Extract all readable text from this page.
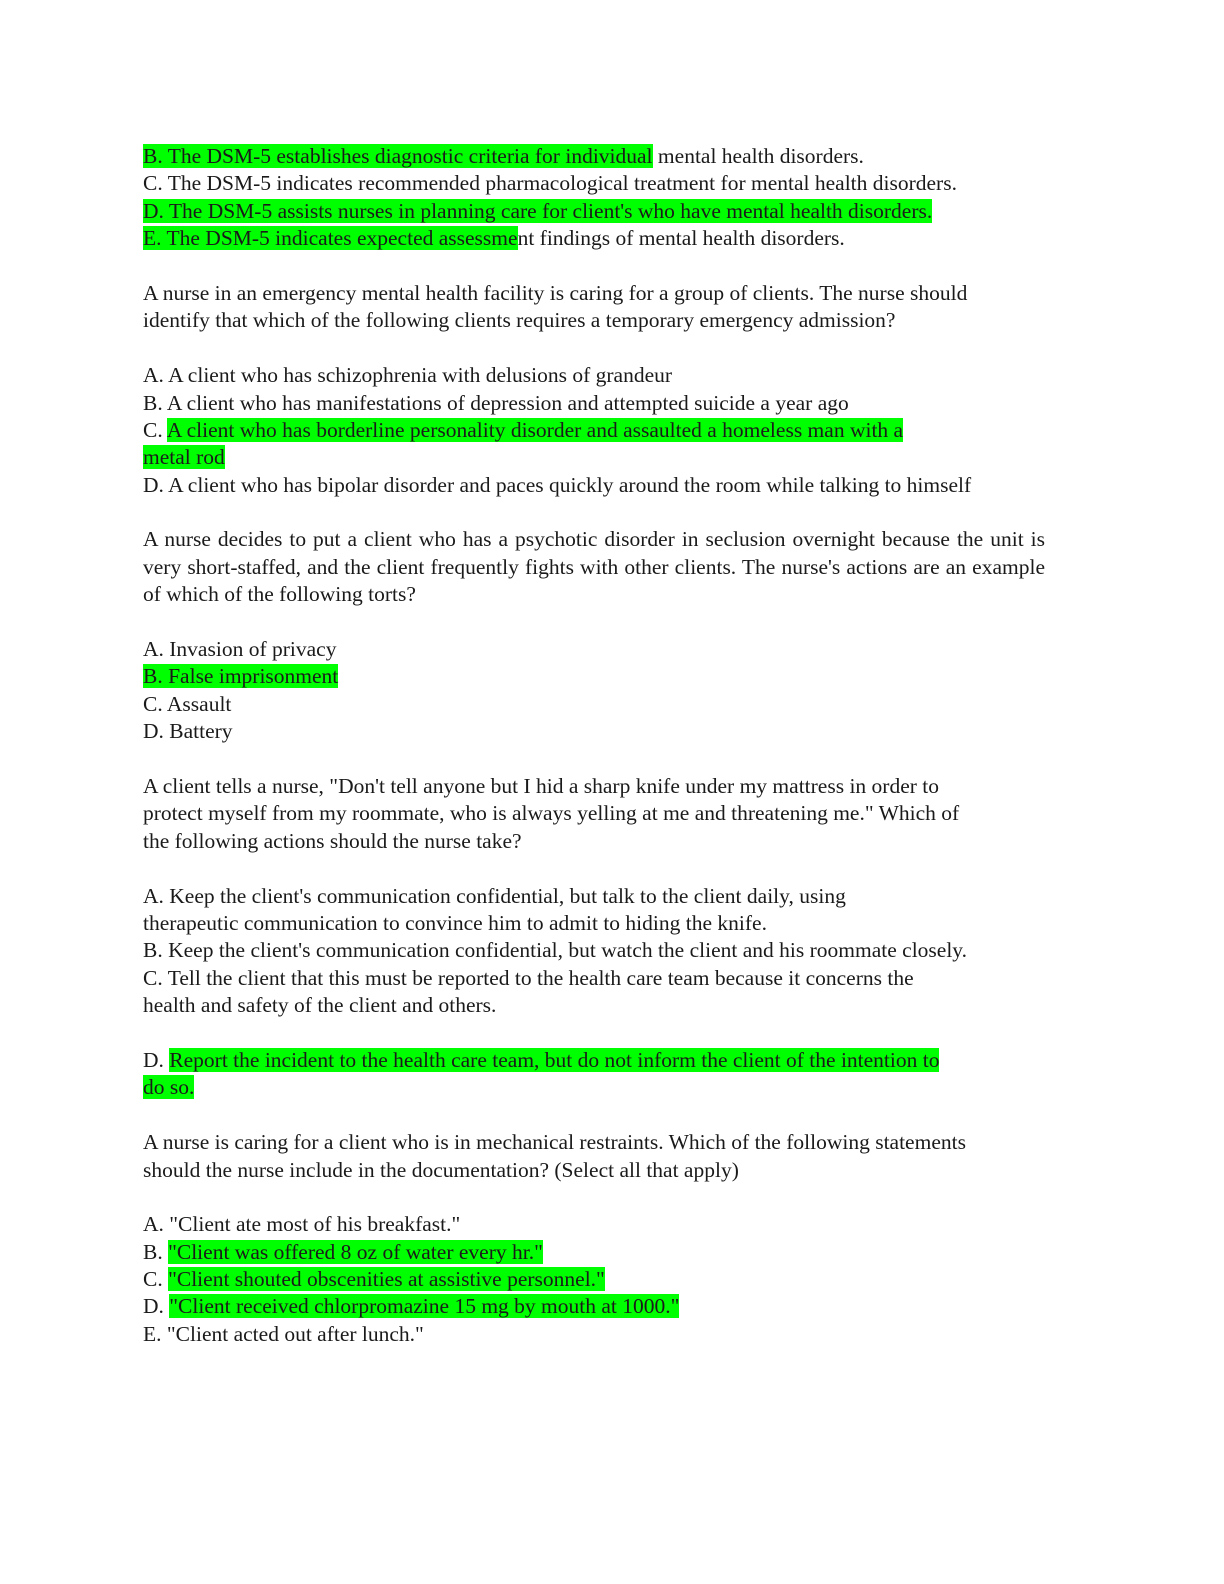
B. The DSM-5 establishes diagnostic criteria for individual mental health disorders.
C. The DSM-5 indicates recommended pharmacological treatment for mental health disorders.
D. The DSM-5 assists nurses in planning care for client's who have mental health disorders.
E. The DSM-5 indicates expected assessment findings of mental health disorders.
A nurse in an emergency mental health facility is caring for a group of clients. The nurse should
identify that which of the following clients requires a temporary emergency admission?
A. A client who has schizophrenia with delusions of grandeur
B. A client who has manifestations of depression and attempted suicide a year ago
C. A client who has borderline personality disorder and assaulted a homeless man with a
metal rod
D. A client who has bipolar disorder and paces quickly around the room while talking to himself
A nurse decides to put a client who has a psychotic disorder in seclusion overnight because the unit is very short-staffed, and the client frequently fights with other clients. The nurse's actions are an example of which of the following torts?
A. Invasion of privacy
B. False imprisonment
C. Assault
D. Battery
A client tells a nurse, "Don't tell anyone but I hid a sharp knife under my mattress in order to
protect myself from my roommate, who is always yelling at me and threatening me." Which of
the following actions should the nurse take?
A. Keep the client's communication confidential, but talk to the client daily, using
therapeutic communication to convince him to admit to hiding the knife.
B. Keep the client's communication confidential, but watch the client and his roommate closely.
C. Tell the client that this must be reported to the health care team because it concerns the
health and safety of the client and others.
D. Report the incident to the health care team, but do not inform the client of the intention to
do so.
A nurse is caring for a client who is in mechanical restraints. Which of the following statements
should the nurse include in the documentation? (Select all that apply)
A. "Client ate most of his breakfast."
B. "Client was offered 8 oz of water every hr."
C. "Client shouted obscenities at assistive personnel."
D. "Client received chlorpromazine 15 mg by mouth at 1000."
E. "Client acted out after lunch."
